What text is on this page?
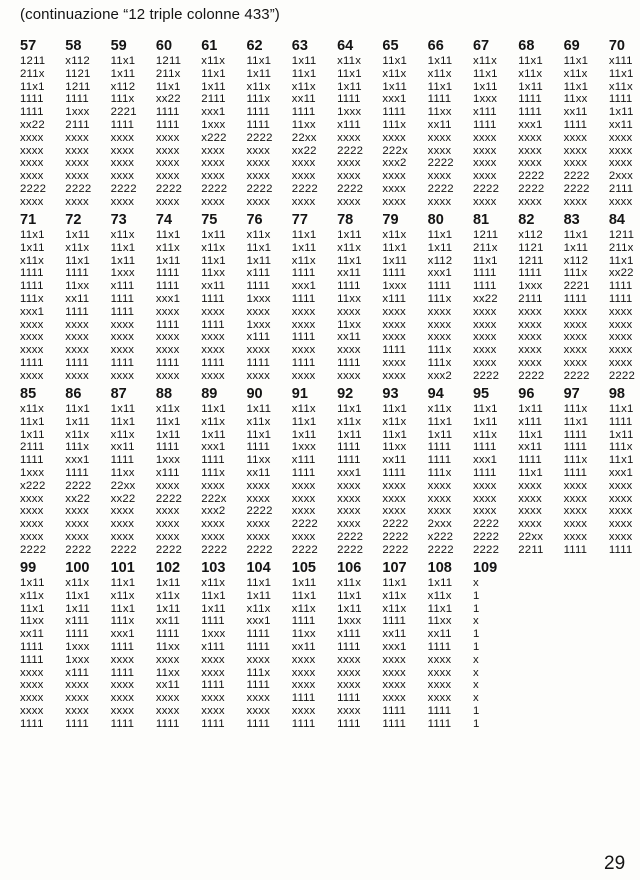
(continuazione “12 triple colonne 433”)
57
1211
211x
11x1
1111
1111
xx22
xxxx
xxxx
xxxx
xxxx
2222
xxxx
58
x112
1121
1211
1111
1xxx
2111
xxxx
xxxx
xxxx
xxxx
2222
xxxx
59
11x1
1x11
x112
111x
2221
1111
xxxx
xxxx
xxxx
xxxx
2222
xxxx
60
1211
211x
11x1
xx22
1111
1111
xxxx
xxxx
xxxx
xxxx
2222
xxxx
61
x11x
11x1
1x11
2111
xxx1
1xxx
x222
xxxx
xxxx
xxxx
2222
xxxx
62
11x1
1x11
x11x
111x
1111
1111
2222
xxxx
xxxx
xxxx
2222
xxxx
63
1x11
11x1
x11x
xx11
1111
11xx
22xx
xx22
xxxx
xxxx
2222
xxxx
64
x11x
11x1
1x11
1111
1xxx
x111
xxxx
2222
xxxx
xxxx
2222
xxxx
65
11x1
x11x
1x11
xxx1
1111
111x
xxxx
222x
xxx2
xxxx
xxxx
xxxx
66
1x11
x11x
11x1
1111
11xx
xx11
xxxx
xxxx
2222
xxxx
2222
xxxx
67
x11x
11x1
1x11
1xxx
x111
1111
xxxx
xxxx
xxxx
xxxx
2222
xxxx
68
11x1
x11x
1x11
1111
1111
xxx1
xxxx
xxxx
xxxx
2222
2222
xxxx
69
11x1
x11x
11x1
11xx
xx11
1111
xxxx
xxxx
xxxx
2222
2222
xxxx
70
x111
11x1
x11x
1111
1x11
xx11
xxxx
xxxx
xxxx
2xxx
2111
xxxx
71
11x1
1x11
x11x
1111
1111
111x
xxx1
xxxx
xxxx
xxxx
1111
xxxx
72
1x11
x11x
11x1
1111
11xx
xx11
1111
xxxx
xxxx
xxxx
1111
xxxx
73
x11x
11x1
1x11
1xxx
x111
1111
1111
xxxx
xxxx
xxxx
1111
xxxx
74
11x1
x11x
1x11
1111
1111
xxx1
xxxx
1111
xxxx
xxxx
1111
xxxx
75
1x11
x11x
11x1
11xx
xx11
1111
xxxx
1111
xxxx
xxxx
1111
xxxx
76
x11x
11x1
1x11
x111
1111
1xxx
xxxx
1xxx
x111
xxxx
1111
xxxx
77
11x1
1x11
x11x
1111
xxx1
1111
xxxx
xxxx
1111
xxxx
1111
xxxx
78
1x11
x11x
11x1
xx11
1111
11xx
xxxx
11xx
xx11
xxxx
1111
xxxx
79
x11x
11x1
1x11
1111
1xxx
x111
xxxx
xxxx
xxxx
1111
xxxx
xxxx
80
11x1
1x11
x112
xxx1
1111
111x
xxxx
xxxx
xxxx
111x
111x
xxx2
81
1211
211x
11x1
1111
1111
xx22
xxxx
xxxx
xxxx
xxxx
xxxx
2222
82
x112
1121
1211
1111
1xxx
2111
xxxx
xxxx
xxxx
xxxx
xxxx
2222
83
11x1
1x11
x112
111x
2221
1111
xxxx
xxxx
xxxx
xxxx
xxxx
2222
84
1211
211x
11x1
xx22
1111
1111
xxxx
xxxx
xxxx
xxxx
xxxx
2222
85
x11x
11x1
1x11
2111
1111
1xxx
x222
xxxx
xxxx
xxxx
xxxx
2222
86
11x1
1x11
x11x
111x
xxx1
1111
2222
xx22
xxxx
xxxx
xxxx
2222
87
1x11
11x1
x11x
xx11
1111
11xx
22xx
xx22
xxxx
xxxx
xxxx
2222
88
x11x
11x1
1x11
1111
1xxx
x111
xxxx
2222
xxxx
xxxx
xxxx
2222
89
11x1
x11x
1x11
xxx1
1111
111x
xxxx
222x
xxx2
xxxx
xxxx
2222
90
1x11
x11x
11x1
1111
11xx
xx11
xxxx
xxxx
2222
xxxx
xxxx
2222
91
x11x
11x1
1x11
1xxx
x111
1111
xxxx
xxxx
xxxx
2222
xxxx
2222
92
11x1
x11x
1x11
1111
1111
xxx1
xxxx
xxxx
xxxx
xxxx
2222
2222
93
11x1
x11x
11x1
11xx
xx11
1111
xxxx
xxxx
xxxx
2222
2222
2222
94
x11x
11x1
1x11
1111
1111
111x
xxxx
xxxx
xxxx
2xxx
x222
2222
95
11x1
1x11
x11x
1111
xxx1
1111
xxxx
xxxx
xxxx
2222
2222
2222
96
1x11
x111
11x1
xx11
1111
11x1
xxxx
xxxx
xxxx
xxxx
22xx
2211
97
111x
11x1
1111
1111
111x
1111
xxxx
xxxx
xxxx
xxxx
xxxx
1111
98
11x1
1111
1x11
111x
11x1
xxx1
xxxx
xxxx
xxxx
xxxx
xxxx
1111
99
1x11
x11x
11x1
11xx
xx11
1111
1111
xxxx
xxxx
xxxx
xxxx
1111
100
x11x
11x1
1x11
x111
1111
1xxx
1xxx
x111
xxxx
xxxx
xxxx
1111
101
11x1
x11x
11x1
111x
xxx1
1111
xxxx
1111
xxxx
xxxx
xxxx
1111
102
1x11
x11x
1x11
xx11
1111
11xx
xxxx
11xx
xx11
xxxx
xxxx
1111
103
x11x
11x1
1x11
1111
1xxx
x111
xxxx
xxxx
1111
xxxx
xxxx
1111
104
11x1
1x11
x11x
xxx1
1111
1111
xxxx
111x
1111
xxxx
xxxx
1111
105
1x11
11x1
x11x
1111
11xx
xx11
xxxx
xxxx
xxxx
1111
xxxx
1111
106
x11x
11x1
1x11
1xxx
x111
1111
xxxx
xxxx
xxxx
1111
xxxx
1111
107
11x1
x11x
x11x
1111
xx11
xxx1
xxxx
xxxx
xxxx
xxxx
1111
1111
108
1x11
x11x
11x1
11xx
xx11
1111
xxxx
xxxx
xxxx
xxxx
1111
1111
109
x
1
1
x
1
1
x
x
x
x
1
1
29
